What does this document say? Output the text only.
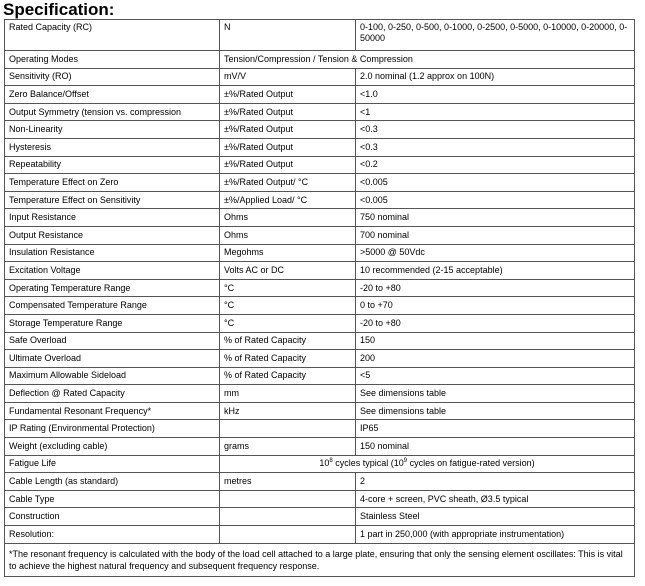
Specification:
Rated Capacity (RC)	N	0-100, 0-250, 0-500, 0-1000, 0-2500, 0-5000, 0-10000, 0-20000, 0-50000
Operating Modes	Tension/Compression / Tension & Compression	
Sensitivity (RO)	mV/V	2.0 nominal (1.2 approx on 100N)
Zero Balance/Offset	±%/Rated Output	<1.0
Output Symmetry (tension vs. compression	±%/Rated Output	<1
Non-Linearity	±%/Rated Output	<0.3
Hysteresis	±%/Rated Output	<0.3
Repeatability	±%/Rated Output	<0.2
Temperature Effect on Zero	±%/Rated Output/ °C	<0.005
Temperature Effect on Sensitivity	±%/Applied Load/ °C	<0.005
Input Resistance	Ohms	750 nominal
Output Resistance	Ohms	700 nominal
Insulation Resistance	Megohms	>5000 @ 50Vdc
Excitation Voltage	Volts AC or DC	10 recommended (2-15 acceptable)
Operating Temperature Range	°C	-20 to +80
Compensated Temperature Range	°C	0 to +70
Storage Temperature Range	°C	-20 to +80
Safe Overload	% of Rated Capacity	150
Ultimate Overload	% of Rated Capacity	200
Maximum Allowable Sideload	% of Rated Capacity	<5
Deflection @ Rated Capacity	mm	See dimensions table
Fundamental Resonant Frequency*	kHz	See dimensions table
IP Rating (Environmental Protection)		IP65
Weight (excluding cable)	grams	150 nominal
Fatigue Life	$10^8$ cycles typical ($10^9$ cycles on fatigue-rated version)	
Cable Length (as standard)	metres	2
Cable Type		4-core + screen, PVC sheath, Ø3.5 typical
Construction		Stainless Steel
Resolution:		1 part in 250,000 (with appropriate instrumentation)
*The resonant frequency is calculated with the body of the load cell attached to a large plate, ensuring that only the sensing element oscillates: This is vital to achieve the highest natural frequency and subsequent frequency response.		
